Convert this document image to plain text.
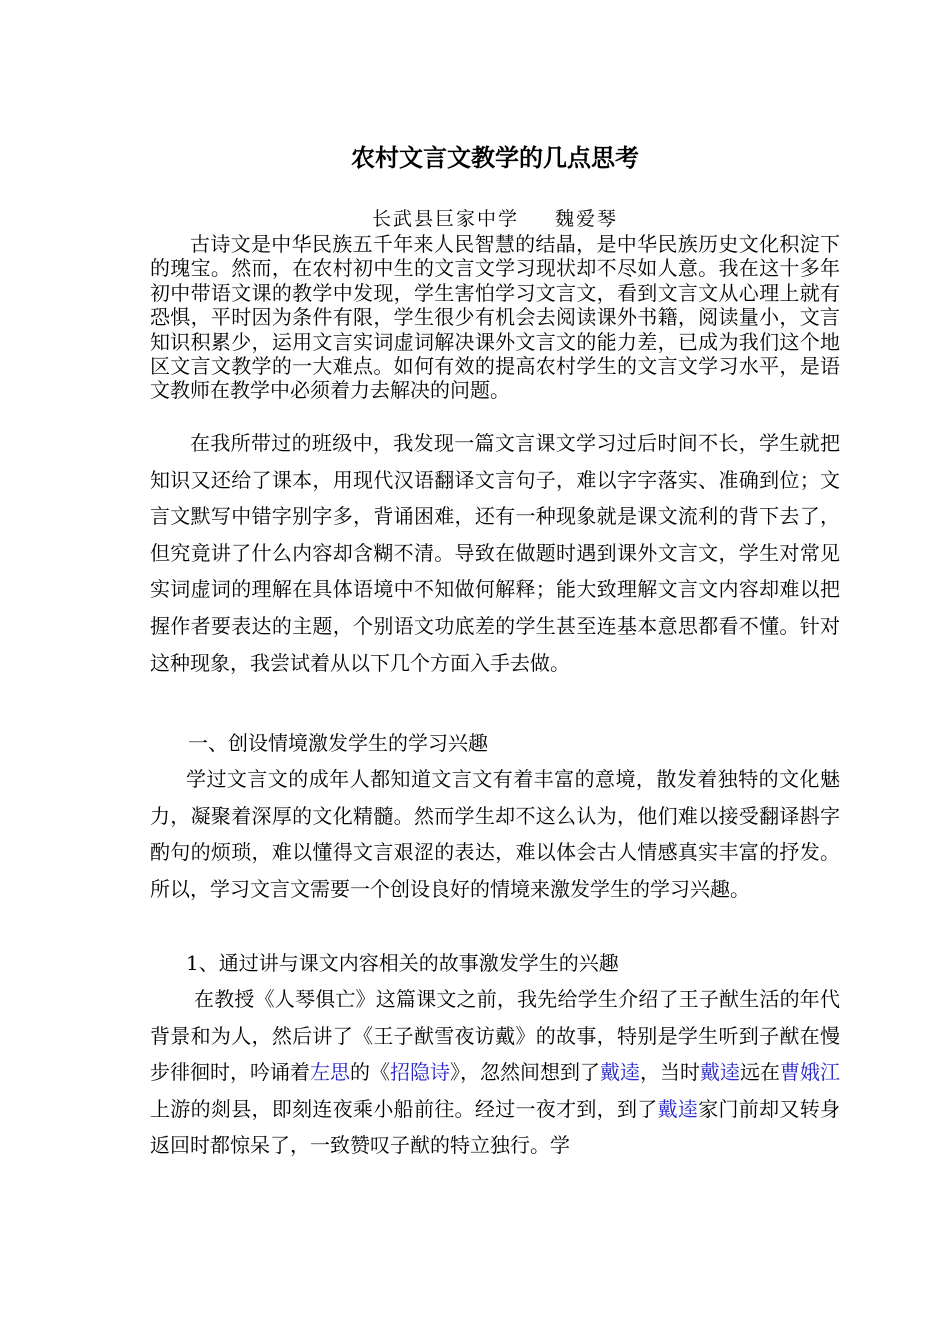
农村文言文教学的几点思考
长武县巨家中学 魏爱琴

古诗文是中华民族五千年来人民智慧的结晶，是中华民族历史文化积淀下的瑰宝。然而，在农村初中生的文言文学习现状却不尽如人意。我在这十多年初中带语文课的教学中发现，学生害怕学习文言文，看到文言文从心理上就有恐惧，平时因为条件有限，学生很少有机会去阅读课外书籍，阅读量小，文言知识积累少，运用文言实词虚词解决课外文言文的能力差，已成为我们这个地区文言文教学的一大难点。如何有效的提高农村学生的文言文学习水平，是语文教师在教学中必须着力去解决的问题。

在我所带过的班级中，我发现一篇文言课文学习过后时间不长，学生就把知识又还给了课本，用现代汉语翻译文言句子，难以字字落实、准确到位；文言文默写中错字别字多，背诵困难，还有一种现象就是课文流利的背下去了，但究竟讲了什么内容却含糊不清。导致在做题时遇到课外文言文，学生对常见实词虚词的理解在具体语境中不知做何解释；能大致理解文言文内容却难以把握作者要表达的主题，个别语文功底差的学生甚至连基本意思都看不懂。针对这种现象，我尝试着从以下几个方面入手去做。

一、创设情境激发学生的学习兴趣

学过文言文的成年人都知道文言文有着丰富的意境，散发着独特的文化魅力，凝聚着深厚的文化精髓。然而学生却不这么认为，他们难以接受翻译斟字酌句的烦琐，难以懂得文言艰涩的表达，难以体会古人情感真实丰富的抒发。所以，学习文言文需要一个创设良好的情境来激发学生的学习兴趣。

1、通过讲与课文内容相关的故事激发学生的兴趣

在教授《人琴俱亡》这篇课文之前，我先给学生介绍了王子猷生活的年代背景和为人，然后讲了《王子猷雪夜访戴》的故事，特别是学生听到子猷在慢步徘徊时，吟诵着左思的《招隐诗》，忽然间想到了戴逵，当时戴逵远在曹娥江上游的剡县，即刻连夜乘小船前往。经过一夜才到，到了戴逵家门前却又转身返回时都惊呆了，一致赞叹子猷的特立独行。学
